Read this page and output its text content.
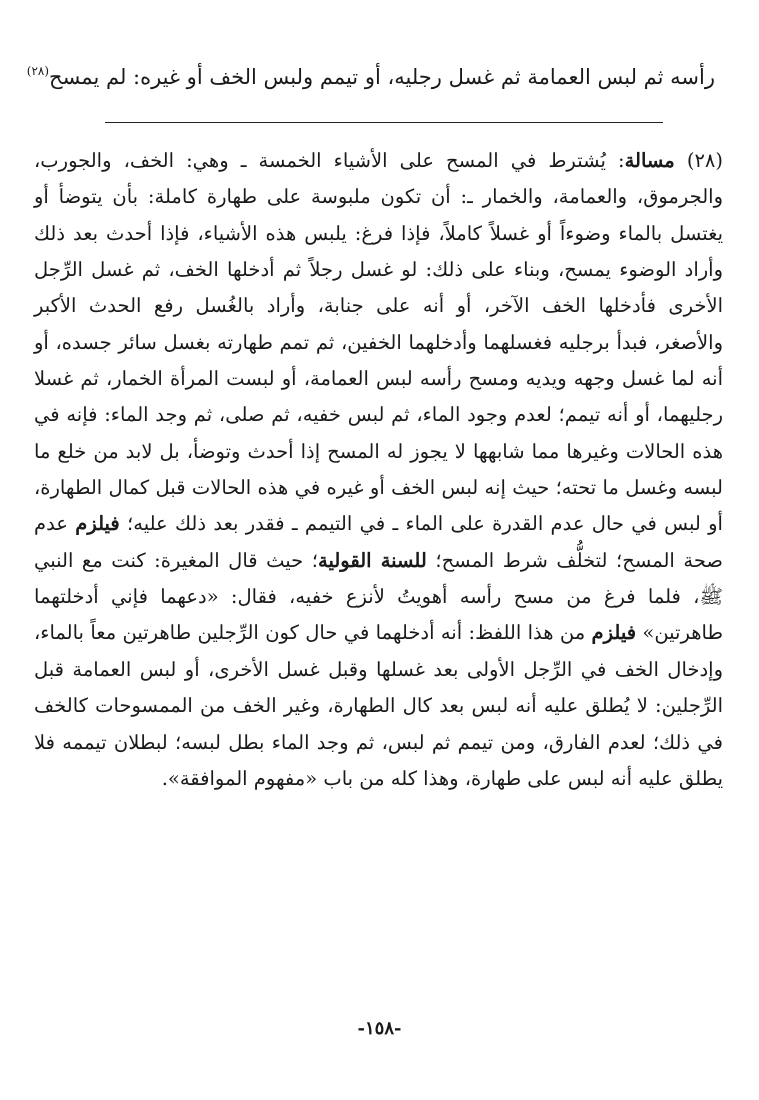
رأسه ثم لبس العمامة ثم غسل رجليه، أو تيمم ولبس الخف أو غيره: لم يمسح$^{(٢٨)}$
(٢٨) مسالة: يُشترط في المسح على الأشياء الخمسة ـ وهي: الخف، والجورب، والجرموق، والعمامة، والخمار ـ: أن تكون ملبوسة على طهارة كاملة: بأن يتوضأ أو يغتسل بالماء وضوءاً أو غسلاً كاملاً، فإذا فرغ: يلبس هذه الأشياء، فإذا أحدث بعد ذلك وأراد الوضوء يمسح، وبناء على ذلك: لو غسل رجلاً ثم أدخلها الخف، ثم غسل الرِّجل الأخرى فأدخلها الخف الآخر، أو أنه على جنابة، وأراد بالغُسل رفع الحدث الأكبر والأصغر، فبدأ برجليه فغسلهما وأدخلهما الخفين، ثم تمم طهارته بغسل سائر جسده، أو أنه لما غسل وجهه ويديه ومسح رأسه لبس العمامة، أو لبست المرأة الخمار، ثم غسلا رجليهما، أو أنه تيمم؛ لعدم وجود الماء، ثم لبس خفيه، ثم صلى، ثم وجد الماء: فإنه في هذه الحالات وغيرها مما شابهها لا يجوز له المسح إذا أحدث وتوضأ، بل لابد من خلع ما لبسه وغسل ما تحته؛ حيث إنه لبس الخف أو غيره في هذه الحالات قبل كمال الطهارة، أو لبس في حال عدم القدرة على الماء ـ في التيمم ـ فقدر بعد ذلك عليه؛ فيلزم عدم صحة المسح؛ لتخلُّف شرط المسح؛ للسنة القولية؛ حيث قال المغيرة: كنت مع النبي ﷺ، فلما فرغ من مسح رأسه أهويتُ لأنزع خفيه، فقال: «دعهما فإني أدخلتهما طاهرتين» فيلزم من هذا اللفظ: أنه أدخلهما في حال كون الرِّجلين طاهرتين معاً بالماء، وإدخال الخف في الرِّجل الأولى بعد غسلها وقبل غسل الأخرى، أو لبس العمامة قبل الرِّجلين: لا يُطلق عليه أنه لبس بعد كال الطهارة، وغير الخف من الممسوحات كالخف في ذلك؛ لعدم الفارق، ومن تيمم ثم لبس، ثم وجد الماء بطل لبسه؛ لبطلان تيممه فلا يطلق عليه أنه لبس على طهارة، وهذا كله من باب «مفهوم الموافقة».
-١٥٨-
